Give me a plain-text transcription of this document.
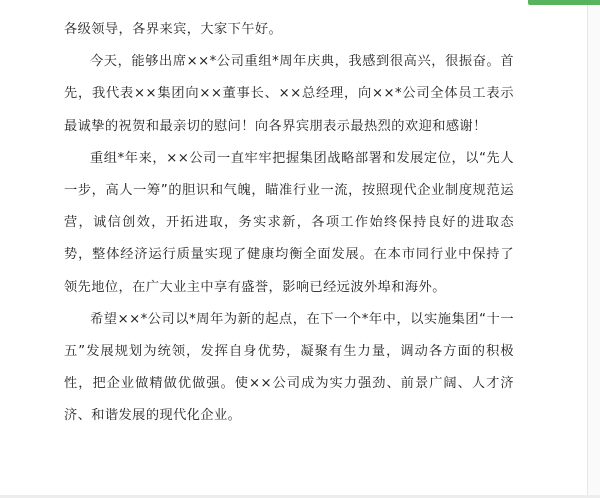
各级领导，各界来宾，大家下午好。

今天，能够出席××*公司重组*周年庆典，我感到很高兴，很振奋。首先，我代表××集团向××董事长、××总经理，向××*公司全体员工表示最诚挚的祝贺和最亲切的慰问！向各界宾朋表示最热烈的欢迎和感谢！

重组*年来，××公司一直牢牢把握集团战略部署和发展定位，以“先人一步，高人一筹”的胆识和气魄，瞄准行业一流，按照现代企业制度规范运营，诚信创效，开拓进取，务实求新，各项工作始终保持良好的进取态势，整体经济运行质量实现了健康均衡全面发展。在本市同行业中保持了领先地位，在广大业主中享有盛誉，影响已经远波外埠和海外。

希望××*公司以*周年为新的起点，在下一个*年中，以实施集团“十一五”发展规划为统领，发挥自身优势，凝聚有生力量，调动各方面的积极性，把企业做精做优做强。使××公司成为实力强劲、前景广阔、人才济济、和谐发展的现代化企业。
